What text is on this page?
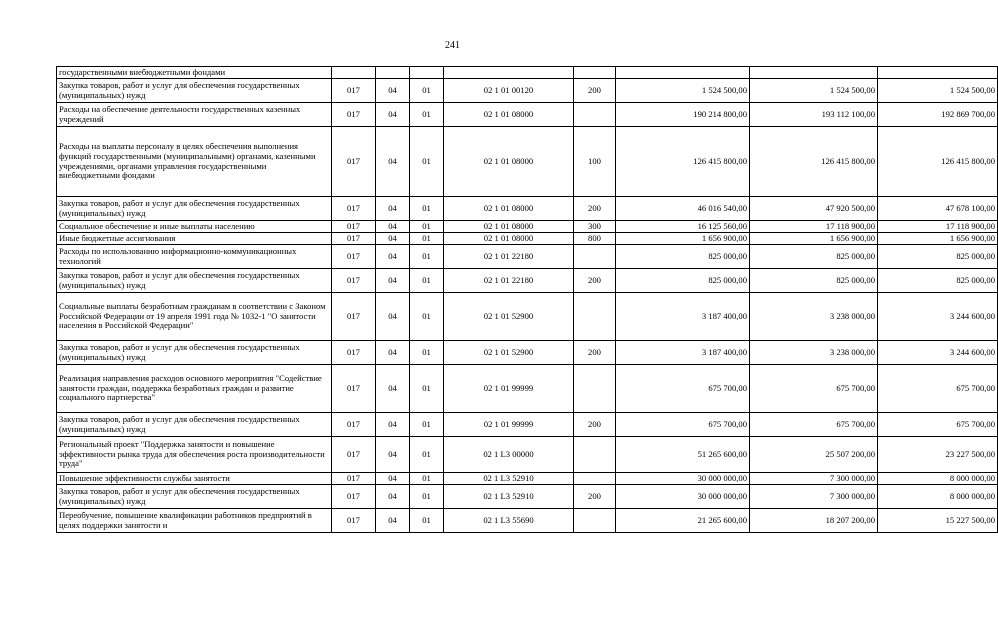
241
государственными внебюджетными фондами								
Закупка товаров, работ и услуг для обеспечения государственных (муниципальных) нужд	017	04	01	02 1 01 00120	200	1 524 500,00	1 524 500,00	1 524 500,00
Расходы на обеспечение деятельности государственных казенных учреждений	017	04	01	02 1 01 08000		190 214 800,00	193 112 100,00	192 869 700,00
Расходы на выплаты персоналу в целях обеспечения выполнения функций государственными (муниципальными) органами, казенными учреждениями, органами управления государственными внебюджетными фондами	017	04	01	02 1 01 08000	100	126 415 800,00	126 415 800,00	126 415 800,00
Закупка товаров, работ и услуг для обеспечения государственных (муниципальных) нужд	017	04	01	02 1 01 08000	200	46 016 540,00	47 920 500,00	47 678 100,00
Социальное обеспечение и иные выплаты населению	017	04	01	02 1 01 08000	300	16 125 560,00	17 118 900,00	17 118 900,00
Иные бюджетные ассигнования	017	04	01	02 1 01 08000	800	1 656 900,00	1 656 900,00	1 656 900,00
Расходы по использованию информационно-коммуникационных технологий	017	04	01	02 1 01 22180		825 000,00	825 000,00	825 000,00
Закупка товаров, работ и услуг для обеспечения государственных (муниципальных) нужд	017	04	01	02 1 01 22180	200	825 000,00	825 000,00	825 000,00
Социальные выплаты безработным гражданам в соответствии с Законом Российской Федерации от 19 апреля 1991 года № 1032-1 "О занятости населения в Российской Федерации"	017	04	01	02 1 01 52900		3 187 400,00	3 238 000,00	3 244 600,00
Закупка товаров, работ и услуг для обеспечения государственных (муниципальных) нужд	017	04	01	02 1 01 52900	200	3 187 400,00	3 238 000,00	3 244 600,00
Реализация направления расходов основного мероприятия "Содействие занятости граждан, поддержка безработных граждан и развитие социального партнерства"	017	04	01	02 1 01 99999		675 700,00	675 700,00	675 700,00
Закупка товаров, работ и услуг для обеспечения государственных (муниципальных) нужд	017	04	01	02 1 01 99999	200	675 700,00	675 700,00	675 700,00
Региональный проект "Поддержка занятости и повышение эффективности рынка труда для обеспечения роста производительности труда"	017	04	01	02 1 L3 00000		51 265 600,00	25 507 200,00	23 227 500,00
Повышение эффективности службы занятости	017	04	01	02 1 L3 52910		30 000 000,00	7 300 000,00	8 000 000,00
Закупка товаров, работ и услуг для обеспечения государственных (муниципальных) нужд	017	04	01	02 1 L3 52910	200	30 000 000,00	7 300 000,00	8 000 000,00
Переобучение, повышение квалификации работников предприятий в целях поддержки занятости и	017	04	01	02 1 L3 55690		21 265 600,00	18 207 200,00	15 227 500,00
